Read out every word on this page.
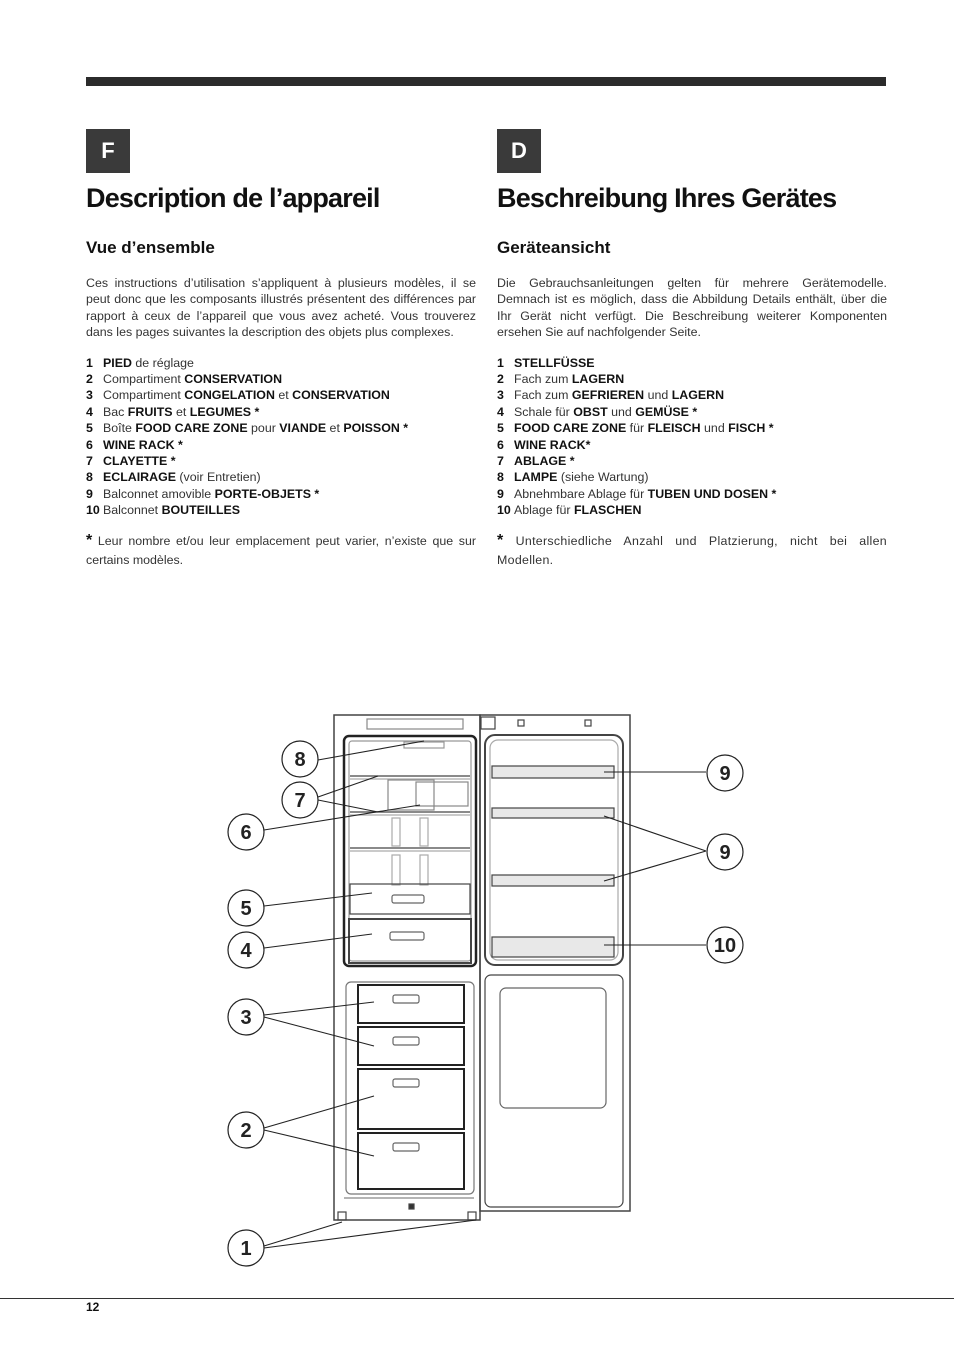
F	D
Description de l’appareil
Vue d’ensemble

Ces instructions d’utilisation s’appliquent à plusieurs modèles, il se peut donc que les composants illustrés présentent des différences par rapport à ceux de l’appareil que vous avez acheté. Vous trouverez dans les pages suivantes la description des objets plus complexes.

1 PIED de réglage
2 Compartiment CONSERVATION
3 Compartiment CONGELATION et CONSERVATION
4 Bac FRUITS et LEGUMES *
5 Boîte FOOD CARE ZONE pour VIANDE et POISSON *
6 WINE RACK *
7 CLAYETTE *
8 ECLAIRAGE (voir Entretien)
9 Balconnet amovible PORTE-OBJETS *
10 Balconnet BOUTEILLES

* Leur nombre et/ou leur emplacement peut varier, n’existe que sur certains modèles.

Beschreibung Ihres Gerätes
Geräteansicht

Die Gebrauchsanleitungen gelten für mehrere Gerätemodelle. Demnach ist es möglich, dass die Abbildung Details enthält, über die Ihr Gerät nicht verfügt. Die Beschreibung weiterer Komponenten ersehen Sie auf nachfolgender Seite.

1 STELLFÜSSE
2 Fach zum LAGERN
3 Fach zum GEFRIEREN und LAGERN
4 Schale für OBST und GEMÜSE *
5 FOOD CARE ZONE für FLEISCH und FISCH *
6 WINE RACK*
7 ABLAGE *
8 LAMPE (siehe Wartung)
9 Abnehmbare Ablage für TUBEN UND DOSEN *
10 Ablage für FLASCHEN

* Unterschiedliche Anzahl und Platzierung, nicht bei allen Modellen.

8
7
6
5
4
3
2
1
9
9
10
12
